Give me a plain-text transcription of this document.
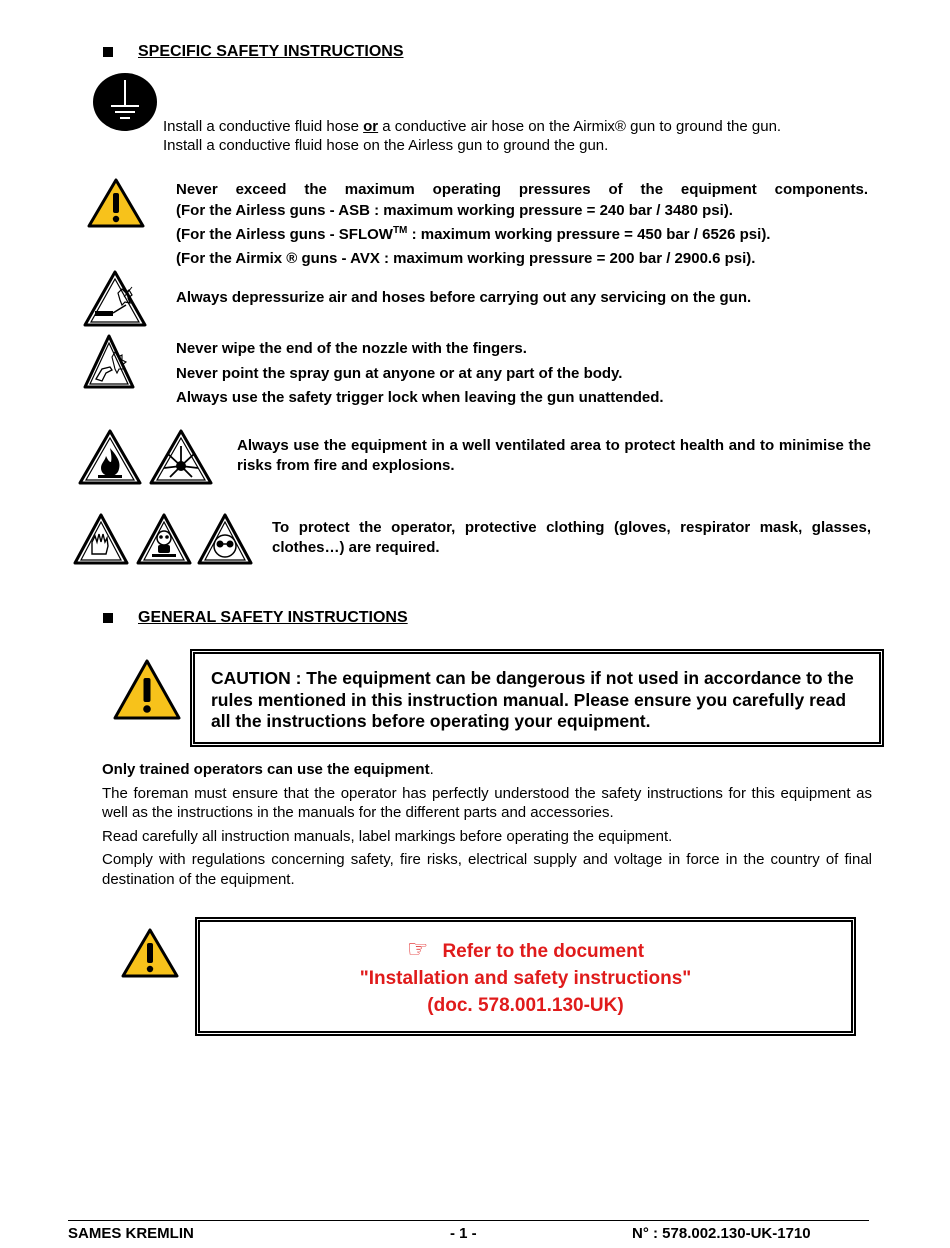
SPECIFIC SAFETY INSTRUCTIONS
Install a conductive fluid hose or a conductive air hose on the Airmix® gun to ground the gun.
Install a conductive fluid hose on the Airless gun to ground the gun.
Never exceed the maximum operating pressures of the equipment components.
(For the Airless guns - ASB : maximum working pressure = 240 bar / 3480 psi).
(For the Airless guns - SFLOW™ : maximum working pressure = 450 bar / 6526 psi).
(For the Airmix ® guns - AVX : maximum working pressure = 200 bar / 2900.6 psi).
Always depressurize air and hoses before carrying out any servicing on the gun.
Never wipe the end of the nozzle with the fingers.
Never point the spray gun at anyone or at any part of the body.
Always use the safety trigger lock when leaving the gun unattended.
Always use the equipment in a well ventilated area to protect health and to minimise the risks from fire and explosions.
To protect the operator, protective clothing (gloves, respirator mask, glasses, clothes…) are required.
GENERAL SAFETY INSTRUCTIONS
CAUTION : The equipment can be dangerous if not used in accordance to the rules mentioned in this instruction manual. Please ensure you carefully read all the instructions before operating your equipment.
Only trained operators can use the equipment.
The foreman must ensure that the operator has perfectly understood the safety instructions for this equipment as well as the instructions in the manuals for the different parts and accessories.
Read carefully all instruction manuals, label markings before operating the equipment.
Comply with regulations concerning safety, fire risks, electrical supply and voltage in force in the country of final destination of the equipment.
☞ Refer to the document
"Installation and safety instructions"
(doc. 578.001.130-UK)
SAMES KREMLIN	- 1 -	N° : 578.002.130-UK-1710
